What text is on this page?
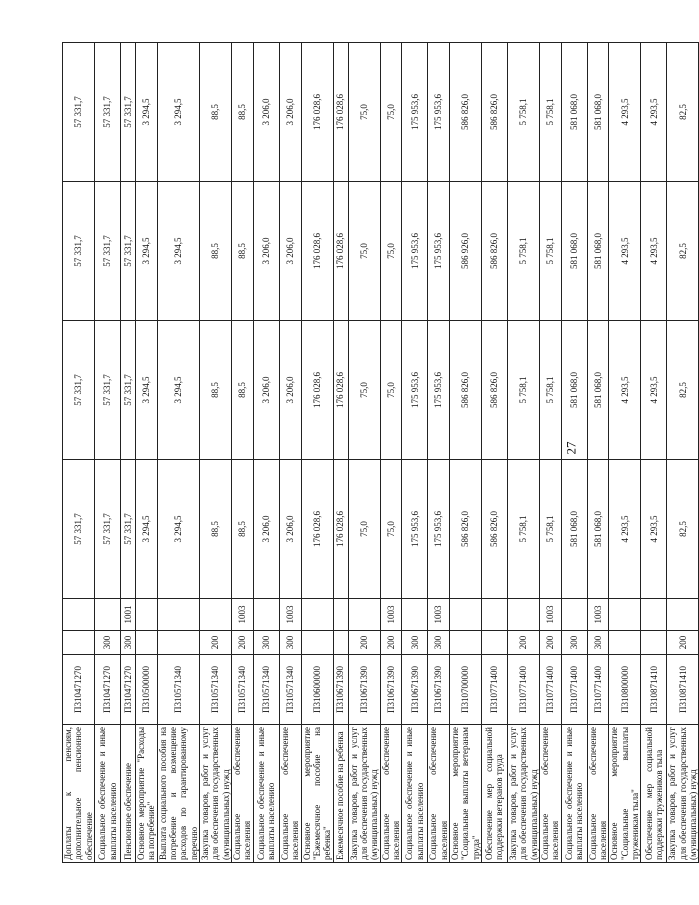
27
Доплаты к пенсиям, дополнительное пенсионное обеспечение	П310471270			57 331,7	57 331,7	57 331,7	57 331,7
Социальное обеспечение и иные выплаты населению	П310471270	300		57 331,7	57 331,7	57 331,7	57 331,7
Пенсионное обеспечение	П310471270	300	1001	57 331,7	57 331,7	57 331,7	57 331,7
Основное мероприятие "Расходы на погребение"	П310500000			3 294,5	3 294,5	3 294,5	3 294,5
Выплата социального пособия на погребение и возмещение расходов по гарантированному перечню	П310571340			3 294,5	3 294,5	3 294,5	3 294,5
Закупка товаров, работ и услуг для обеспечения государственных (муниципальных) нужд	П310571340	200		88,5	88,5	88,5	88,5
Социальное обеспечение населения	П310571340	200	1003	88,5	88,5	88,5	88,5
Социальное обеспечение и иные выплаты населению	П310571340	300		3 206,0	3 206,0	3 206,0	3 206,0
Социальное обеспечение населения	П310571340	300	1003	3 206,0	3 206,0	3 206,0	3 206,0
Основное мероприятие "Ежемесячное пособие на ребенка"	П310600000			176 028,6	176 028,6	176 028,6	176 028,6
Ежемесячное пособие на ребенка	П310671390			176 028,6	176 028,6	176 028,6	176 028,6
Закупка товаров, работ и услуг для обеспечения государственных (муниципальных) нужд	П310671390	200		75,0	75,0	75,0	75,0
Социальное обеспечение населения	П310671390	200	1003	75,0	75,0	75,0	75,0
Социальное обеспечение и иные выплаты населению	П310671390	300		175 953,6	175 953,6	175 953,6	175 953,6
Социальное обеспечение населения	П310671390	300	1003	175 953,6	175 953,6	175 953,6	175 953,6
Основное мероприятие "Социальные выплаты ветеранам труда"	П310700000			586 826,0	586 826,0	586 926,0	586 826,0
Обеспечение мер социальной поддержки ветеранов труда	П310771400			586 826,0	586 826,0	586 826,0	586 826,0
Закупка товаров, работ и услуг для обеспечения государственных (муниципальных) нужд	П310771400	200		5 758,1	5 758,1	5 758,1	5 758,1
Социальное обеспечение населения	П310771400	200	1003	5 758,1	5 758,1	5 758,1	5 758,1
Социальное обеспечение и иные выплаты населению	П310771400	300		581 068,0	581 068,0	581 068,0	581 068,0
Социальное обеспечение населения	П310771400	300	1003	581 068,0	581 068,0	581 068,0	581 068,0
Основное мероприятие "Социальные выплаты труженикам тыла"	П310800000			4 293,5	4 293,5	4 293,5	4 293,5
Обеспечение мер социальной поддержки тружеников тыла	П310871410			4 293,5	4 293,5	4 293,5	4 293,5
Закупка товаров, работ и услуг для обеспечения государственных (муниципальных) нужд	П310871410	200		82,5	82,5	82,5	82,5
